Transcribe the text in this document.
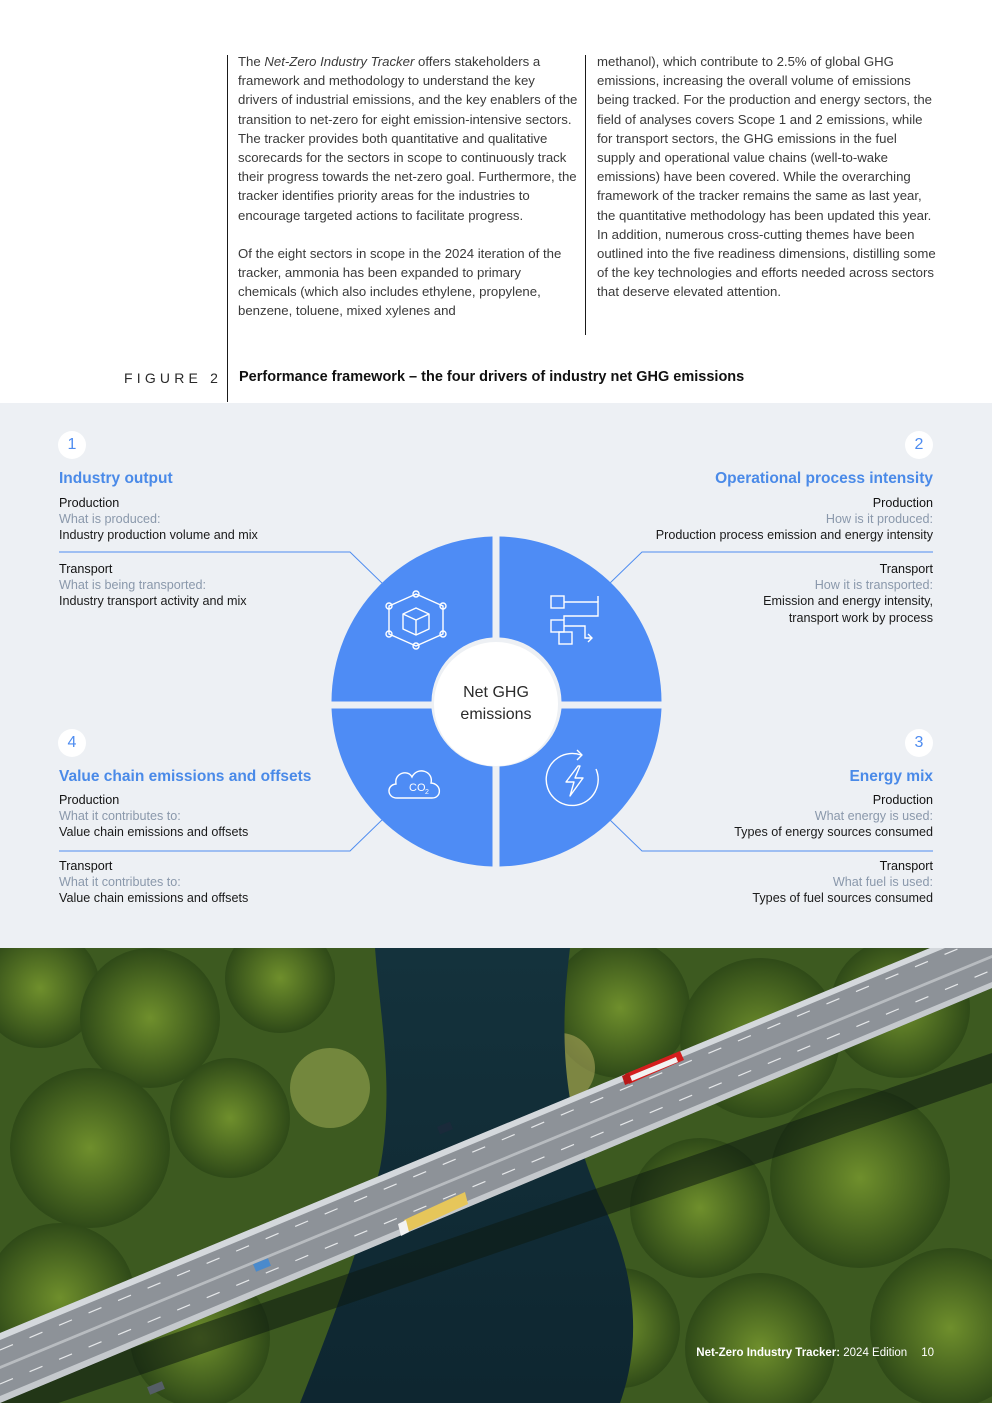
The Net-Zero Industry Tracker offers stakeholders a framework and methodology to understand the key drivers of industrial emissions, and the key enablers of the transition to net-zero for eight emission-intensive sectors. The tracker provides both quantitative and qualitative scorecards for the sectors in scope to continuously track their progress towards the net-zero goal. Furthermore, the tracker identifies priority areas for the industries to encourage targeted actions to facilitate progress.

Of the eight sectors in scope in the 2024 iteration of the tracker, ammonia has been expanded to primary chemicals (which also includes ethylene, propylene, benzene, toluene, mixed xylenes and

methanol), which contribute to 2.5% of global GHG emissions, increasing the overall volume of emissions being tracked. For the production and energy sectors, the field of analyses covers Scope 1 and 2 emissions, while for transport sectors, the GHG emissions in the fuel supply and operational value chains (well-to-wake emissions) have been covered. While the overarching framework of the tracker remains the same as last year, the quantitative methodology has been updated this year. In addition, numerous cross-cutting themes have been outlined into the five readiness dimensions, distilling some of the key technologies and efforts needed across sectors that deserve elevated attention.

FIGURE 2 Performance framework – the four drivers of industry net GHG emissions
Net GHG
emissions
CO 2
1
Industry output
Production
What is produced:
Industry production volume and mix
Transport
What is being transported:
Industry transport activity and mix
2
Operational process intensity
Production
How is it produced:
Production process emission and energy intensity
Transport
How it is transported:
Emission and energy intensity,
transport work by process
4
Value chain emissions and offsets
Production
What it contributes to:
Value chain emissions and offsets
Transport
What it contributes to:
Value chain emissions and offsets
3
Energy mix
Production
What energy is used:
Types of energy sources consumed
Transport
What fuel is used:
Types of fuel sources consumed
Net-Zero Industry Tracker: 2024 Edition 10
